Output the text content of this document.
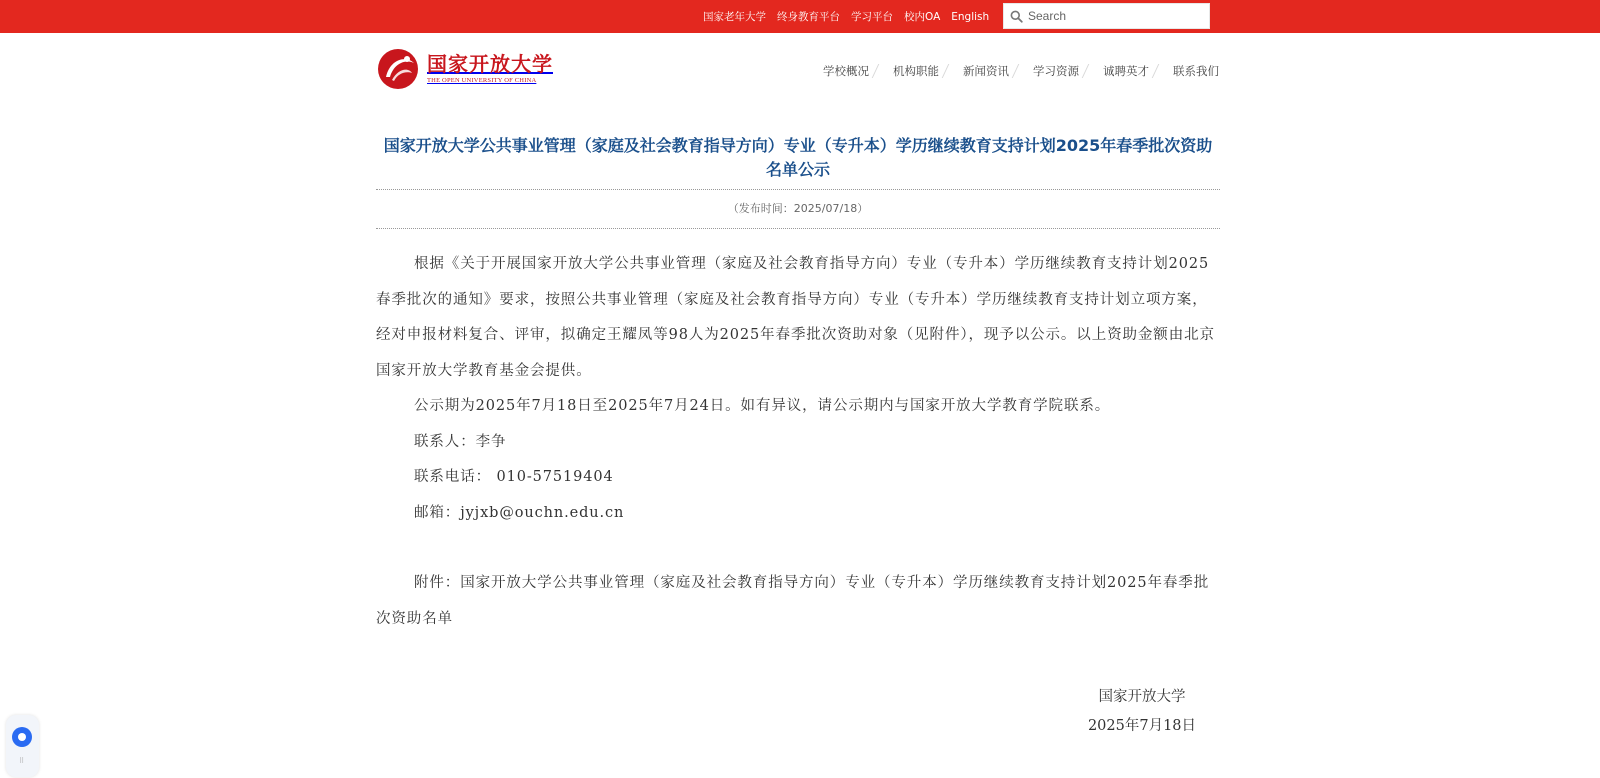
国家老年大学 终身教育平台 学习平台 校内OA English
Search
国家开放大学
THE OPEN UNIVERSITY OF CHINA
学校概况 机构职能 新闻资讯 学习资源 诚聘英才 联系我们
国家开放大学公共事业管理（家庭及社会教育指导方向）专业（专升本）学历继续教育支持计划2025年春季批次资助名单公示
（发布时间：2025/07/18）

根据《关于开展国家开放大学公共事业管理（家庭及社会教育指导方向）专业（专升本）学历继续教育支持计划2025春季批次的通知》要求，按照公共事业管理（家庭及社会教育指导方向）专业（专升本）学历继续教育支持计划立项方案，经对申报材料复合、评审，拟确定王耀凤等98人为2025年春季批次资助对象（见附件），现予以公示。以上资助金额由北京国家开放大学教育基金会提供。

公示期为2025年7月18日至2025年7月24日。如有异议，请公示期内与国家开放大学教育学院联系。

联系人：李争

联系电话： 010-57519404

邮箱：jyjxb@ouchn.edu.cn

附件：国家开放大学公共事业管理（家庭及社会教育指导方向）专业（专升本）学历继续教育支持计划2025年春季批次资助名单

国家开放大学
2025年7月18日
⠿
